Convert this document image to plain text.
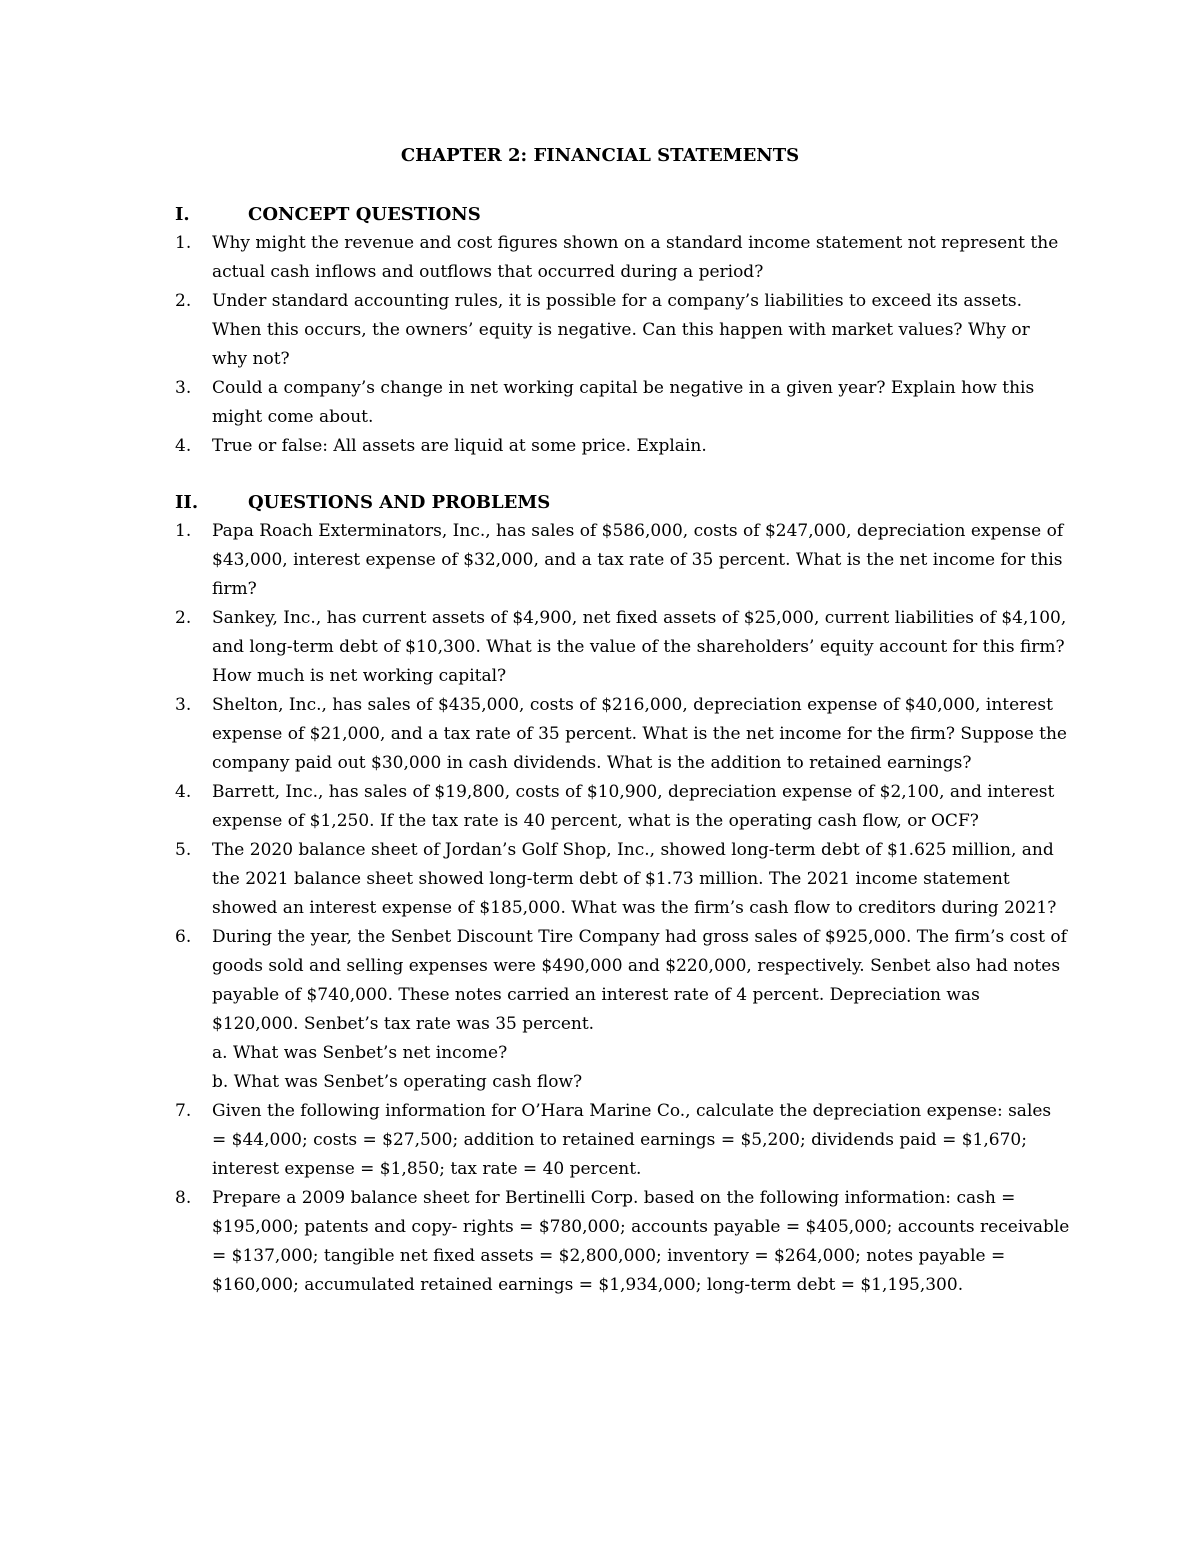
CHAPTER 2: FINANCIAL STATEMENTS
I.	CONCEPT QUESTIONS
1.	Why might the revenue and cost figures shown on a standard income statement not represent the actual cash inflows and outflows that occurred during a period?
2.	Under standard accounting rules, it is possible for a company’s liabilities to exceed its assets. When this occurs, the owners’ equity is negative. Can this happen with market values? Why or why not?
3.	Could a company’s change in net working capital be negative in a given year? Explain how this might come about.
4.	True or false: All assets are liquid at some price. Explain.
II.	QUESTIONS AND PROBLEMS
1.	Papa Roach Exterminators, Inc., has sales of $586,000, costs of $247,000, depreciation expense of $43,000, interest expense of $32,000, and a tax rate of 35 percent. What is the net income for this firm?
2.	Sankey, Inc., has current assets of $4,900, net fixed assets of $25,000, current liabilities of $4,100, and long-term debt of $10,300. What is the value of the shareholders’ equity account for this firm? How much is net working capital?
3.	Shelton, Inc., has sales of $435,000, costs of $216,000, depreciation expense of $40,000, interest expense of $21,000, and a tax rate of 35 percent. What is the net income for the firm? Suppose the company paid out $30,000 in cash dividends. What is the addition to retained earnings?
4.	Barrett, Inc., has sales of $19,800, costs of $10,900, depreciation expense of $2,100, and interest expense of $1,250. If the tax rate is 40 percent, what is the operating cash flow, or OCF?
5.	The 2020 balance sheet of Jordan’s Golf Shop, Inc., showed long-term debt of $1.625 million, and the 2021 balance sheet showed long-term debt of $1.73 million. The 2021 income statement showed an interest expense of $185,000. What was the firm’s cash flow to creditors during 2021?
6.	During the year, the Senbet Discount Tire Company had gross sales of $925,000. The firm’s cost of goods sold and selling expenses were $490,000 and $220,000, respectively. Senbet also had notes payable of $740,000. These notes carried an interest rate of 4 percent. Depreciation was $120,000. Senbet’s tax rate was 35 percent.
a. What was Senbet’s net income?
b. What was Senbet’s operating cash flow?
7.	Given the following information for O’Hara Marine Co., calculate the depreciation expense: sales = $44,000; costs = $27,500; addition to retained earnings = $5,200; dividends paid = $1,670; interest expense = $1,850; tax rate = 40 percent.
8.	Prepare a 2009 balance sheet for Bertinelli Corp. based on the following information: cash = $195,000; patents and copy- rights = $780,000; accounts payable = $405,000; accounts receivable = $137,000; tangible net fixed assets = $2,800,000; inventory = $264,000; notes payable = $160,000; accumulated retained earnings = $1,934,000; long-term debt = $1,195,300.
